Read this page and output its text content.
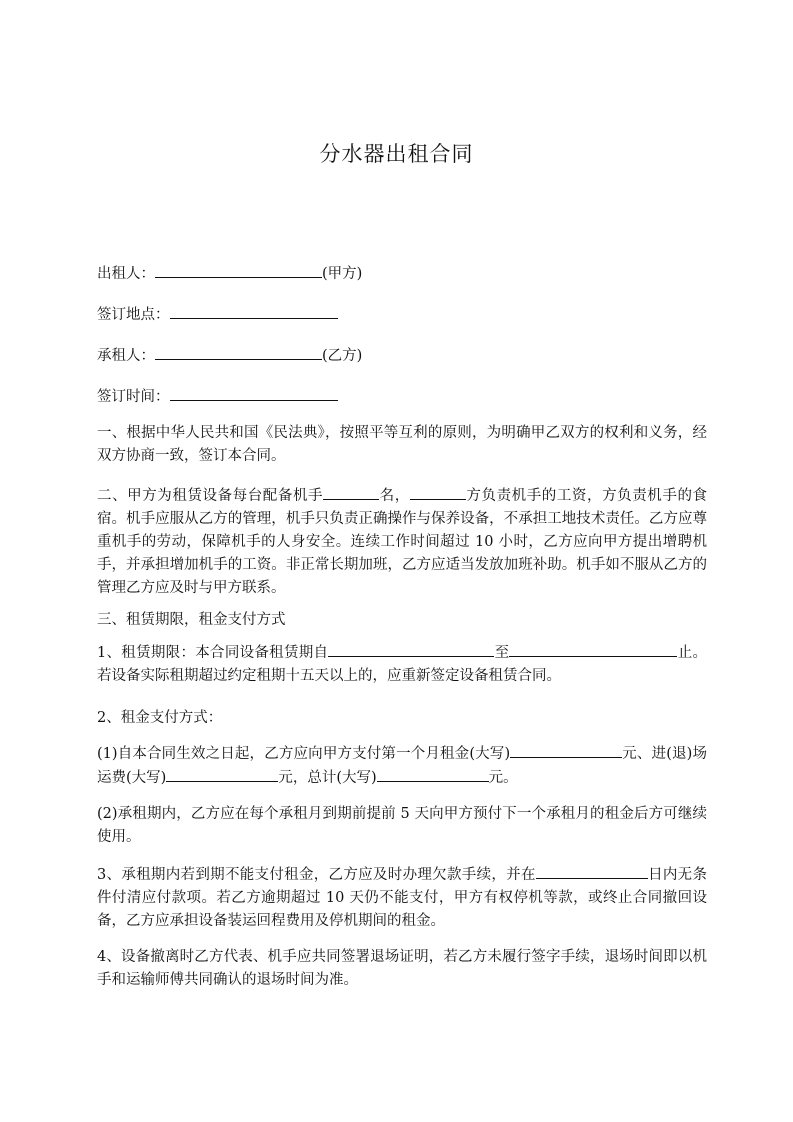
分水器出租合同
出租人：	(甲方)
签订地点：
承租人：	(乙方)
签订时间：
一、根据中华人民共和国《民法典》，按照平等互利的原则，为明确甲乙双方的权利和义务，经双方协商一致，签订本合同。
二、甲方为租赁设备每台配备机手	名，	方负责机手的工资，方负责机手的食宿。机手应服从乙方的管理，机手只负责正确操作与保养设备，不承担工地技术责任。乙方应尊重机手的劳动，保障机手的人身安全。连续工作时间超过 10 小时，乙方应向甲方提出增聘机手，并承担增加机手的工资。非正常长期加班，乙方应适当发放加班补助。机手如不服从乙方的管理乙方应及时与甲方联系。
三、租赁期限，租金支付方式
1、租赁期限：本合同设备租赁期自	至	止。若设备实际租期超过约定租期十五天以上的，应重新签定设备租赁合同。
2、租金支付方式：
(1)自本合同生效之日起，乙方应向甲方支付第一个月租金(大写)	元、进(退)场运费(大写)	元，总计(大写)	元。
(2)承租期内，乙方应在每个承租月到期前提前 5 天向甲方预付下一个承租月的租金后方可继续使用。
3、承租期内若到期不能支付租金，乙方应及时办理欠款手续，并在	日内无条件付清应付款项。若乙方逾期超过 10 天仍不能支付，甲方有权停机等款，或终止合同撤回设备，乙方应承担设备装运回程费用及停机期间的租金。
4、设备撤离时乙方代表、机手应共同签署退场证明，若乙方未履行签字手续，退场时间即以机手和运输师傅共同确认的退场时间为准。
